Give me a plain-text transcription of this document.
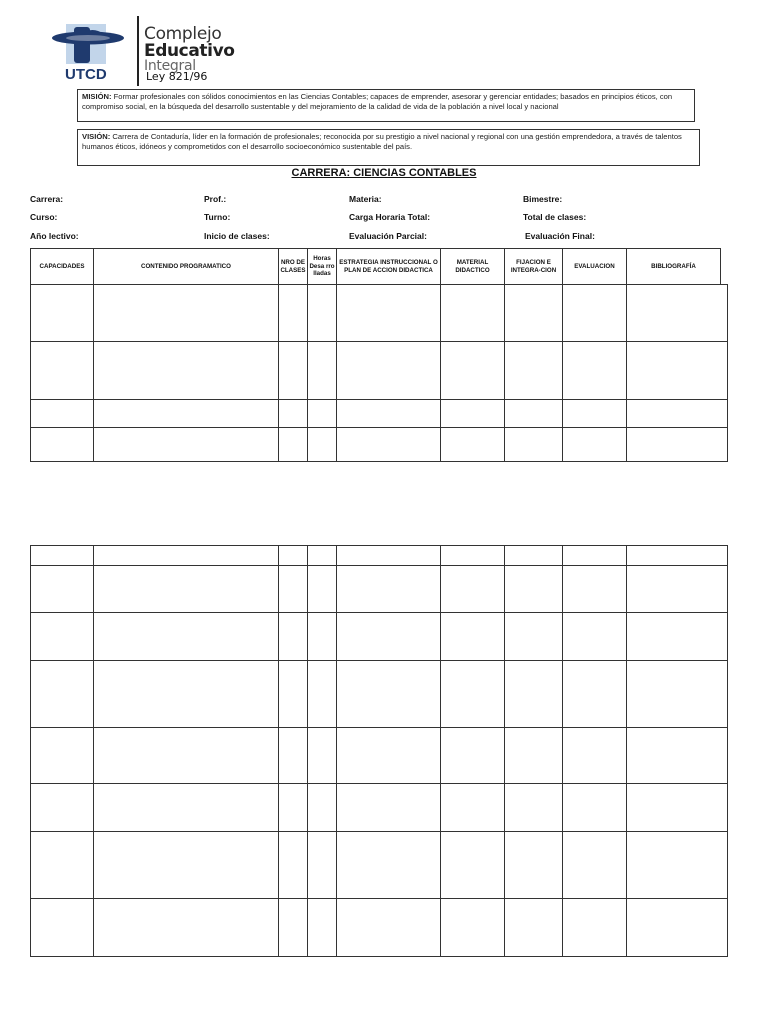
UTCD
Complejo
Educativo
Integral
Ley 821/96
MISIÓN: Formar profesionales con sólidos conocimientos en las Ciencias Contables; capaces de emprender, asesorar y gerenciar entidades; basados en principios éticos, con compromiso social, en la búsqueda del desarrollo sustentable y del mejoramiento de la calidad de vida de la población a nivel local y nacional
VISIÓN: Carrera de Contaduría, líder en la formación de profesionales; reconocida por su prestigio a nivel nacional y regional con una gestión emprendedora, a través de talentos humanos éticos, idóneos y comprometidos con el desarrollo socioeconómico sustentable del país.
CARRERA: CIENCIAS CONTABLES
Carrera:	Prof.:	Materia:	Bimestre:
Curso:	Turno:	Carga Horaria Total:	Total de clases:
Año lectivo:	Inicio de clases:	Evaluación Parcial:	Evaluación Final:
CAPACIDADES	CONTENIDO PROGRAMATICO	NRO DE CLASES	Horas Desa rro lladas	ESTRATEGIA INSTRUCCIONAL O PLAN DE ACCION DIDACTICA	MATERIAL DIDACTICO	FIJACION E INTEGRA-CION	EVALUACION	BIBLIOGRAFÍA
